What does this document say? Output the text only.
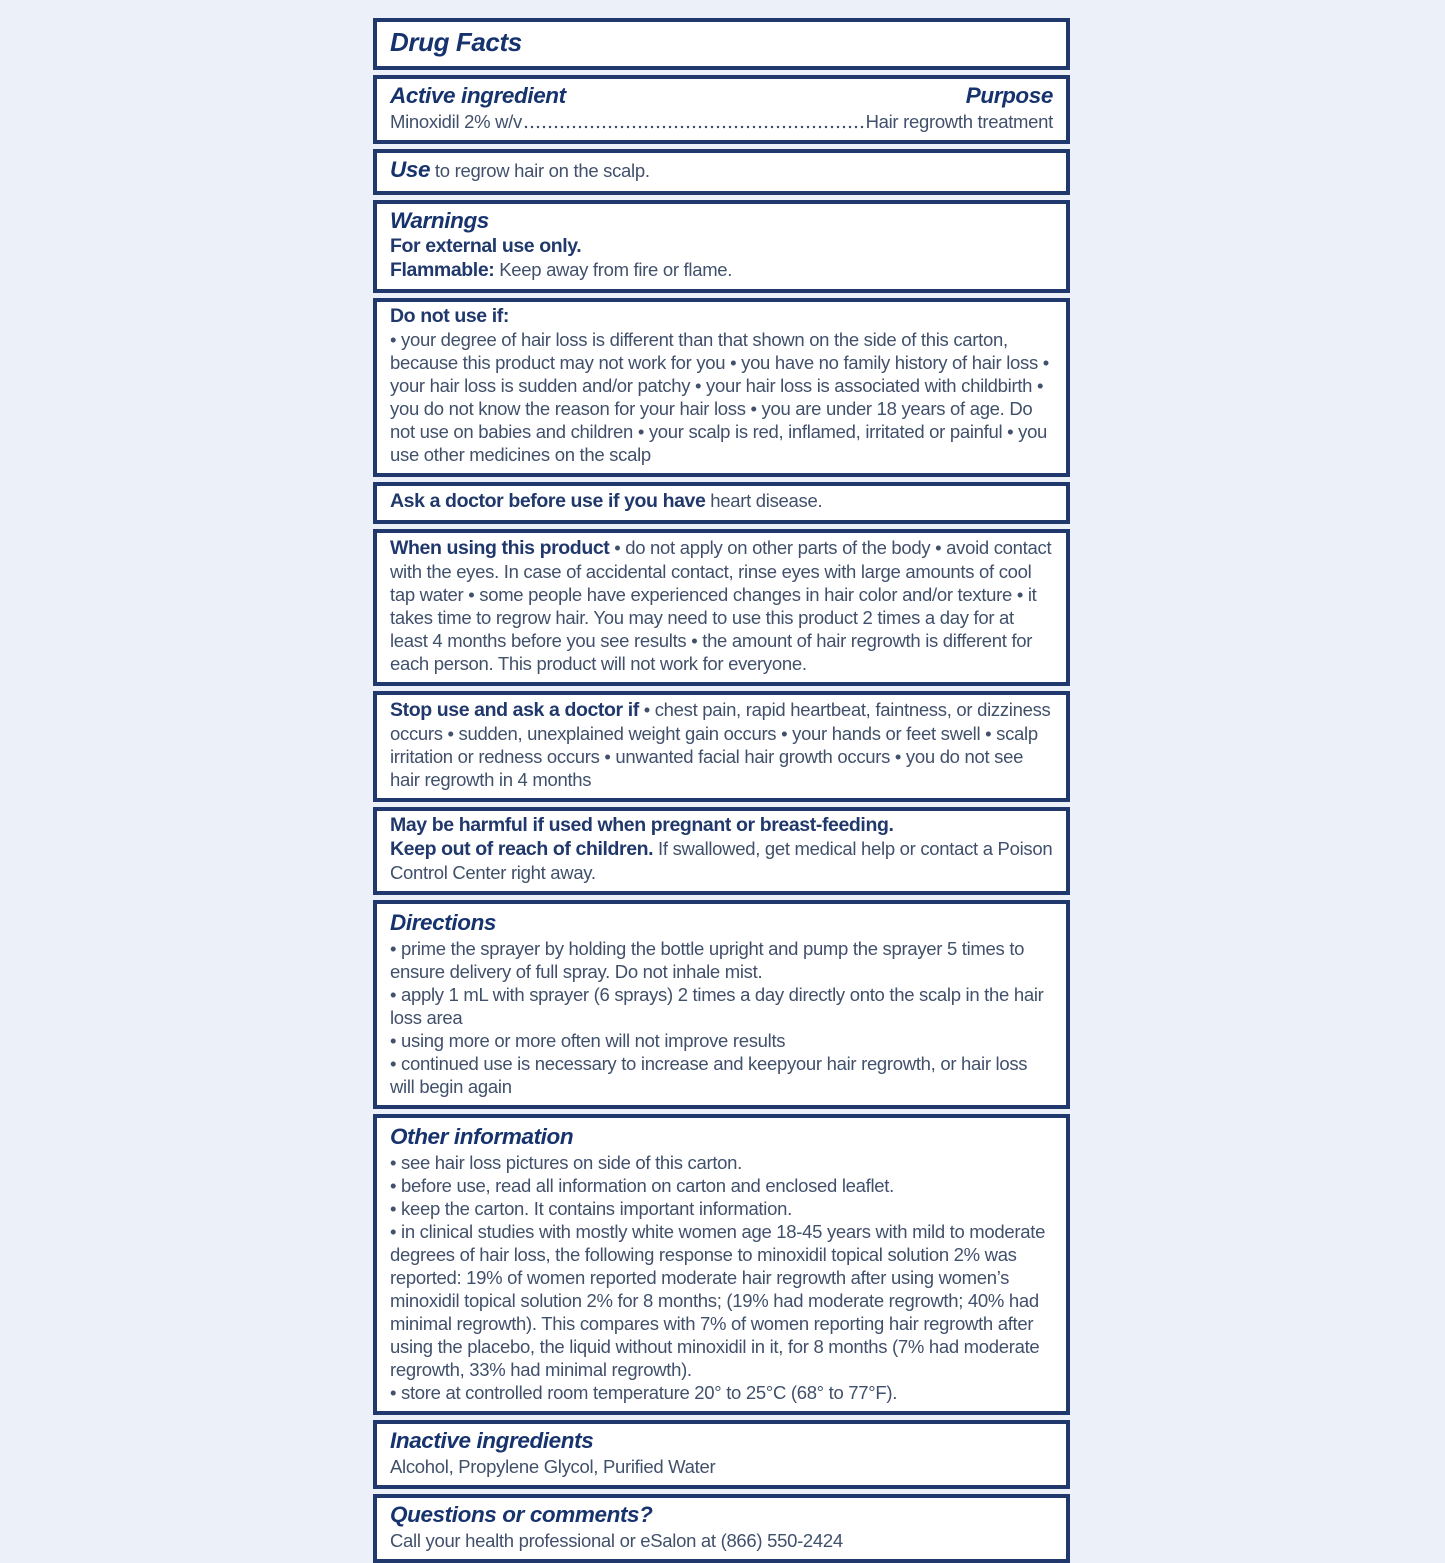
Drug Facts
Active ingredient	Purpose
Minoxidil 2% w/v	Hair regrowth treatment
Use to regrow hair on the scalp.
Warnings
For external use only.
Flammable: Keep away from fire or flame.
Do not use if:
• your degree of hair loss is different than that shown on the side of this carton, because this product may not work for you • you have no family history of hair loss • your hair loss is sudden and/or patchy • your hair loss is associated with childbirth • you do not know the reason for your hair loss • you are under 18 years of age. Do not use on babies and children • your scalp is red, inflamed, irritated or painful • you use other medicines on the scalp
Ask a doctor before use if you have heart disease.
When using this product • do not apply on other parts of the body • avoid contact with the eyes. In case of accidental contact, rinse eyes with large amounts of cool tap water • some people have experienced changes in hair color and/or texture • it takes time to regrow hair. You may need to use this product 2 times a day for at least 4 months before you see results • the amount of hair regrowth is different for each person. This product will not work for everyone.
Stop use and ask a doctor if • chest pain, rapid heartbeat, faintness, or dizziness occurs • sudden, unexplained weight gain occurs • your hands or feet swell • scalp irritation or redness occurs • unwanted facial hair growth occurs • you do not see hair regrowth in 4 months
May be harmful if used when pregnant or breast-feeding.
Keep out of reach of children. If swallowed, get medical help or contact a Poison Control Center right away.
Directions
• prime the sprayer by holding the bottle upright and pump the sprayer 5 times to ensure delivery of full spray. Do not inhale mist.
• apply 1 mL with sprayer (6 sprays) 2 times a day directly onto the scalp in the hair loss area
• using more or more often will not improve results
• continued use is necessary to increase and keepyour hair regrowth, or hair loss will begin again
Other information
• see hair loss pictures on side of this carton.
• before use, read all information on carton and enclosed leaflet.
• keep the carton. It contains important information.
• in clinical studies with mostly white women age 18-45 years with mild to moderate degrees of hair loss, the following response to minoxidil topical solution 2% was reported: 19% of women reported moderate hair regrowth after using women’s minoxidil topical solution 2% for 8 months; (19% had moderate regrowth; 40% had minimal regrowth). This compares with 7% of women reporting hair regrowth after using the placebo, the liquid without minoxidil in it, for 8 months (7% had moderate regrowth, 33% had minimal regrowth).
• store at controlled room temperature 20° to 25°C (68° to 77°F).
Inactive ingredients
Alcohol, Propylene Glycol, Purified Water
Questions or comments?
Call your health professional or eSalon at (866) 550-2424
